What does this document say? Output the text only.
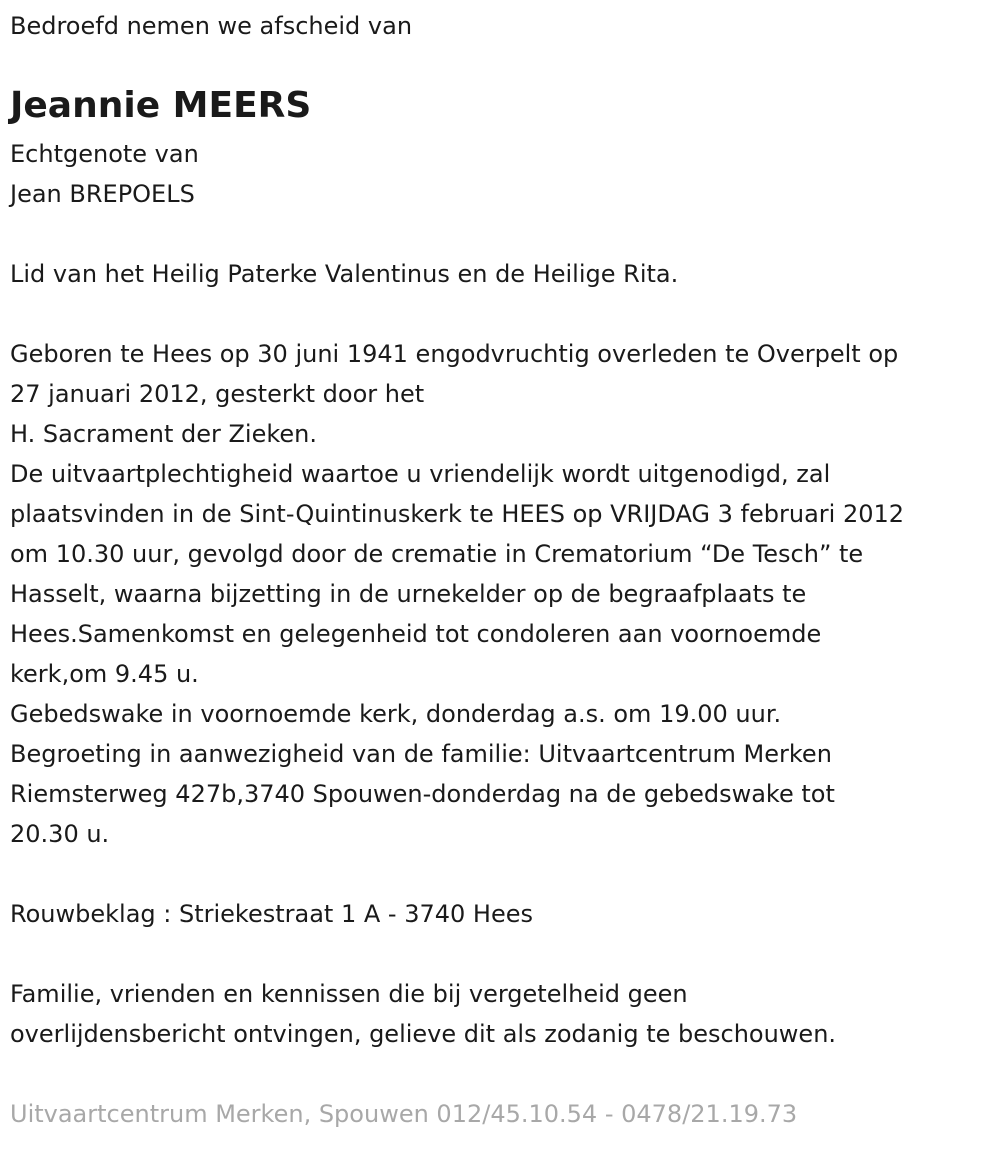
Bedroefd nemen we afscheid van
Jeannie MEERS
Echtgenote van
Jean BREPOELS
Lid van het Heilig Paterke Valentinus en de Heilige Rita.
Geboren te Hees op 30 juni 1941 engodvruchtig overleden te Overpelt op
27 januari 2012, gesterkt door het
H. Sacrament der Zieken.
De uitvaartplechtigheid waartoe u vriendelijk wordt uitgenodigd, zal
plaatsvinden in de Sint-Quintinuskerk te HEES op VRIJDAG 3 februari 2012
om 10.30 uur, gevolgd door de crematie in Crematorium “De Tesch” te
Hasselt, waarna bijzetting in de urnekelder op de begraafplaats te
Hees.Samenkomst en gelegenheid tot condoleren aan voornoemde
kerk,om 9.45 u.
Gebedswake in voornoemde kerk, donderdag a.s. om 19.00 uur.
Begroeting in aanwezigheid van de familie: Uitvaartcentrum Merken
Riemsterweg 427b,3740 Spouwen-donderdag na de gebedswake tot
20.30 u.
Rouwbeklag : Striekestraat 1 A - 3740 Hees
Familie, vrienden en kennissen die bij vergetelheid geen
overlijdensbericht ontvingen, gelieve dit als zodanig te beschouwen.
Uitvaartcentrum Merken, Spouwen 012/45.10.54 - 0478/21.19.73
